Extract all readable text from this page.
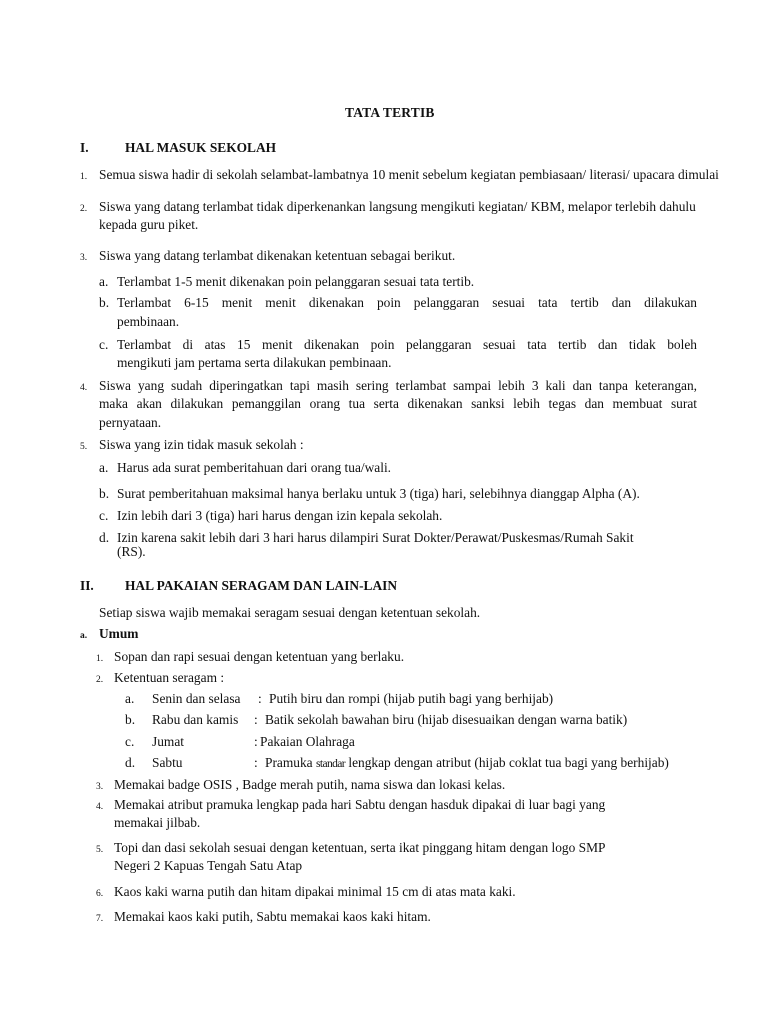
TATA TERTIB
I.	HAL MASUK SEKOLAH
1. Semua siswa hadir di sekolah selambat-lambatnya 10 menit sebelum kegiatan pembiasaan/ literasi/ upacara dimulai
2. Siswa yang datang terlambat tidak diperkenankan langsung mengikuti kegiatan/ KBM, melapor terlebih dahulu
kepada guru piket.
3. Siswa yang datang terlambat dikenakan ketentuan sebagai berikut.
a. Terlambat 1-5 menit dikenakan poin pelanggaran sesuai tata tertib.
b. Terlambat 6-15 menit menit dikenakan poin pelanggaran sesuai tata tertib dan dilakukan
pembinaan.
c. Terlambat di atas 15 menit dikenakan poin pelanggaran sesuai tata tertib dan tidak boleh
mengikuti jam pertama serta dilakukan pembinaan.
4. Siswa yang sudah diperingatkan tapi masih sering terlambat sampai lebih 3 kali dan tanpa keterangan,
maka akan dilakukan pemanggilan orang tua serta dikenakan sanksi lebih tegas dan membuat surat
pernyataan.
5. Siswa yang izin tidak masuk sekolah :
a. Harus ada surat pemberitahuan dari orang tua/wali.
b. Surat pemberitahuan maksimal hanya berlaku untuk 3 (tiga) hari, selebihnya dianggap Alpha (A).
c. Izin lebih dari 3 (tiga) hari harus dengan izin kepala sekolah.
d. Izin karena sakit lebih dari 3 hari harus dilampiri Surat Dokter/Perawat/Puskesmas/Rumah Sakit
(RS).
II. HAL PAKAIAN SERAGAM DAN LAIN-LAIN
Setiap siswa wajib memakai seragam sesuai dengan ketentuan sekolah.
a. Umum
1. Sopan dan rapi sesuai dengan ketentuan yang berlaku.
2. Ketentuan seragam :
a. Senin dan selasa : Putih biru dan rompi (hijab putih bagi yang berhijab)
b. Rabu dan kamis : Batik sekolah bawahan biru (hijab disesuaikan dengan warna batik)
c. Jumat	: Pakaian Olahraga
d. Sabtu	: Pramuka standar lengkap dengan atribut (hijab coklat tua bagi yang berhijab)
3. Memakai badge OSIS , Badge merah putih, nama siswa dan lokasi kelas.
4. Memakai atribut pramuka lengkap pada hari Sabtu dengan hasduk dipakai di luar bagi yang
memakai jilbab.
5. Topi dan dasi sekolah sesuai dengan ketentuan, serta ikat pinggang hitam dengan logo SMP
Negeri 2 Kapuas Tengah Satu Atap
6. Kaos kaki warna putih dan hitam dipakai minimal 15 cm di atas mata kaki.
7. Memakai kaos kaki putih, Sabtu memakai kaos kaki hitam.
